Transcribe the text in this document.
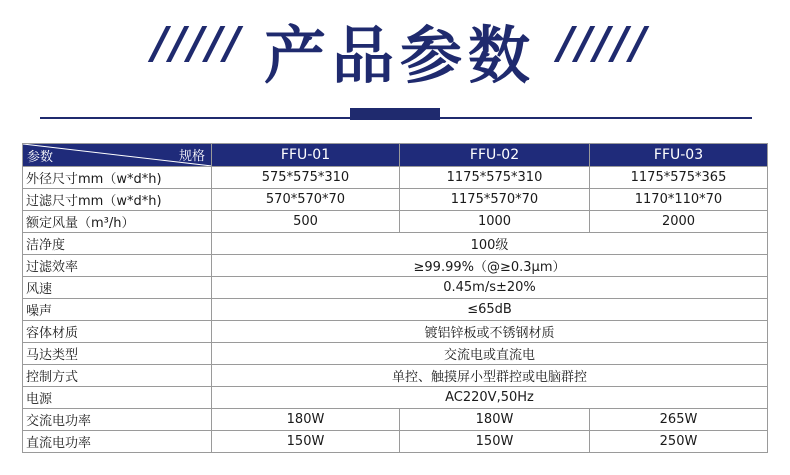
///// 产品参数 /////
参数 规格	FFU-01	FFU-02	FFU-03
外径尺寸mm（w*d*h)	575*575*310	1175*575*310	1175*575*365
过滤尺寸mm（w*d*h)	570*570*70	1175*570*70	1170*110*70
额定风量（m³/h）	500	1000	2000
洁净度	100级		
过滤效率	≥99.99%（@≥0.3μm）		
风速	0.45m/s±20%		
噪声	≤65dB		
容体材质	镀铝锌板或不锈钢材质		
马达类型	交流电或直流电		
控制方式	单控、触摸屏小型群控或电脑群控		
电源	AC220V,50Hz		
交流电功率	180W	180W	265W
直流电功率	150W	150W	250W
